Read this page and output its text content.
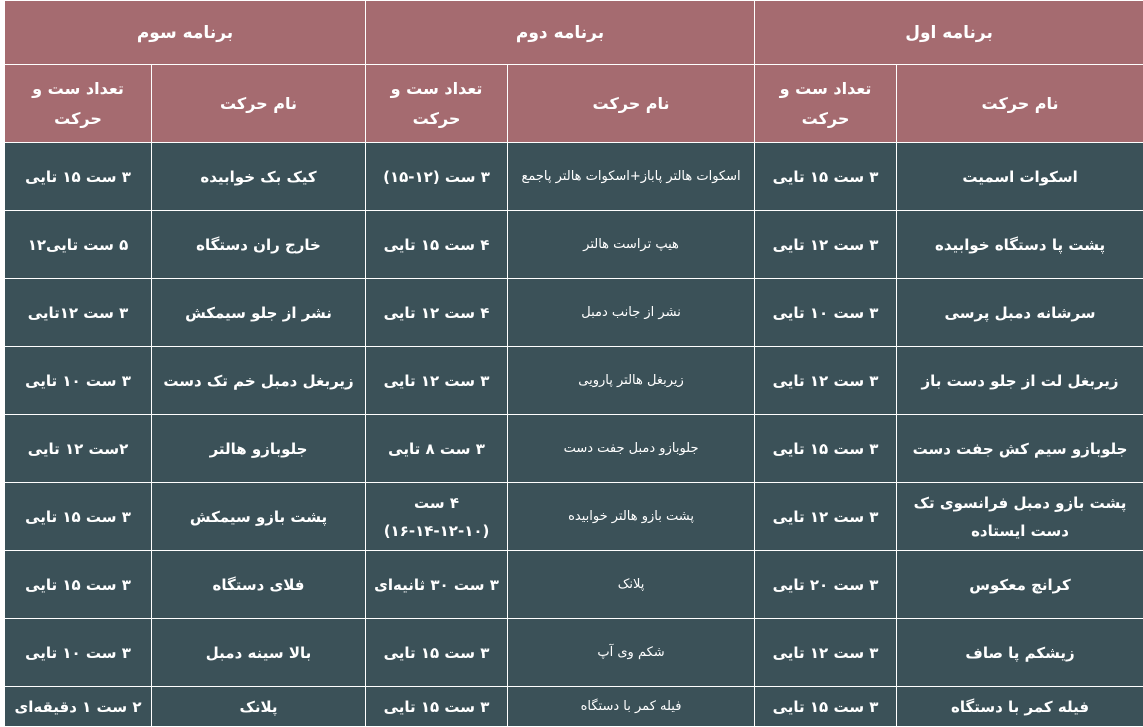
برنامه اول		برنامه دوم		برنامه سوم	
نام حرکت	تعداد ست و حرکت	نام حرکت	تعداد ست و حرکت	نام حرکت	تعداد ست و حرکت
اسکوات اسمیت	۳ ست ۱۵ تایی	اسکوات هالتر پاباز+اسکوات هالتر پاجمع	۳ ست (۱۲-۱۵)	کیک بک خوابیده	۳ ست ۱۵ تایی
پشت پا دستگاه خوابیده	۳ ست ۱۲ تایی	هیپ تراست هالتر	۴ ست ۱۵ تایی	خارج ران دستگاه	۵ ست تایی۱۲
سرشانه دمبل پرسی	۳ ست ۱۰ تایی	نشر از جانب دمبل	۴ ست ۱۲ تایی	نشر از جلو سیمکش	۳ ست ۱۲تایی
زیربغل لت از جلو دست باز	۳ ست ۱۲ تایی	زیربغل هالتر پارویی	۳ ست ۱۲ تایی	زیربغل دمبل خم تک دست	۳ ست ۱۰ تایی
جلوبازو سیم کش جفت دست	۳ ست ۱۵ تایی	جلوبازو دمبل جفت دست	۳ ست ۸ تایی	جلوبازو هالتر	۲ست ۱۲ تایی
پشت بازو دمبل فرانسوی تک دست ایستاده	۳ ست ۱۲ تایی	پشت بازو هالتر خوابیده	۴ ست (۱۰-۱۲-۱۴-۱۶)	پشت بازو سیمکش	۳ ست ۱۵ تایی
کرانچ معکوس	۳ ست ۲۰ تایی	پلانک	۳ ست ۳۰ ثانیه‌ای	فلای دستگاه	۳ ست ۱۵ تایی
زیشکم پا صاف	۳ ست ۱۲ تایی	شکم وی آپ	۳ ست ۱۵ تایی	بالا سینه دمبل	۳ ست ۱۰ تایی
فیله کمر با دستگاه	۳ ست ۱۵ تایی	فیله کمر با دستگاه	۳ ست ۱۵ تایی	پلانک	۲ ست ۱ دقیقه‌ای
